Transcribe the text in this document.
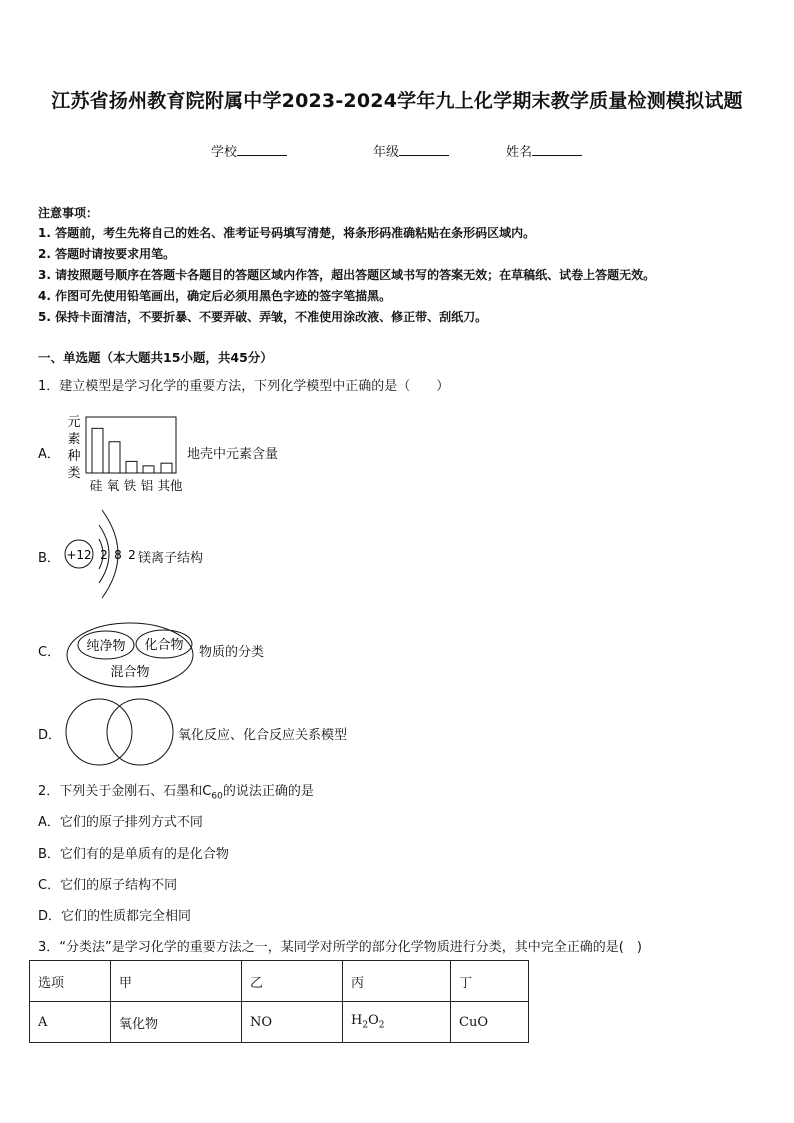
江苏省扬州教育院附属中学2023-2024学年九上化学期末教学质量检测模拟试题
学校	年级	姓名
注意事项：
1. 答题前，考生先将自己的姓名、准考证号码填写清楚，将条形码准确粘贴在条形码区域内。
2. 答题时请按要求用笔。
3. 请按照题号顺序在答题卡各题目的答题区域内作答，超出答题区域书写的答案无效；在草稿纸、试卷上答题无效。
4. 作图可先使用铅笔画出，确定后必须用黑色字迹的签字笔描黑。
5. 保持卡面清洁，不要折暴、不要弄破、弄皱，不准使用涂改液、修正带、刮纸刀。
一、单选题（本大题共15小题，共45分）
1．建立模型是学习化学的重要方法，下列化学模型中正确的是（　　）
A．
元
素
种
类
硅 氧 铁 铝 其他
地壳中元素含量
B． +12 2 8 2 镁离子结构
C． 纯净物 化合物
混合物
物质的分类
D．	氧化反应、化合反应关系模型
2．下列关于金刚石、石墨和$C_{60}$的说法正确的是
A．它们的原子排列方式不同
B．它们有的是单质有的是化合物
C．它们的原子结构不同
D．它们的性质都完全相同
3．“分类法”是学习化学的重要方法之一，某同学对所学的部分化学物质进行分类，其中完全正确的是(　)
选项	甲	乙	丙	丁
A	氧化物	NO	$H_2O_2$	CuO
